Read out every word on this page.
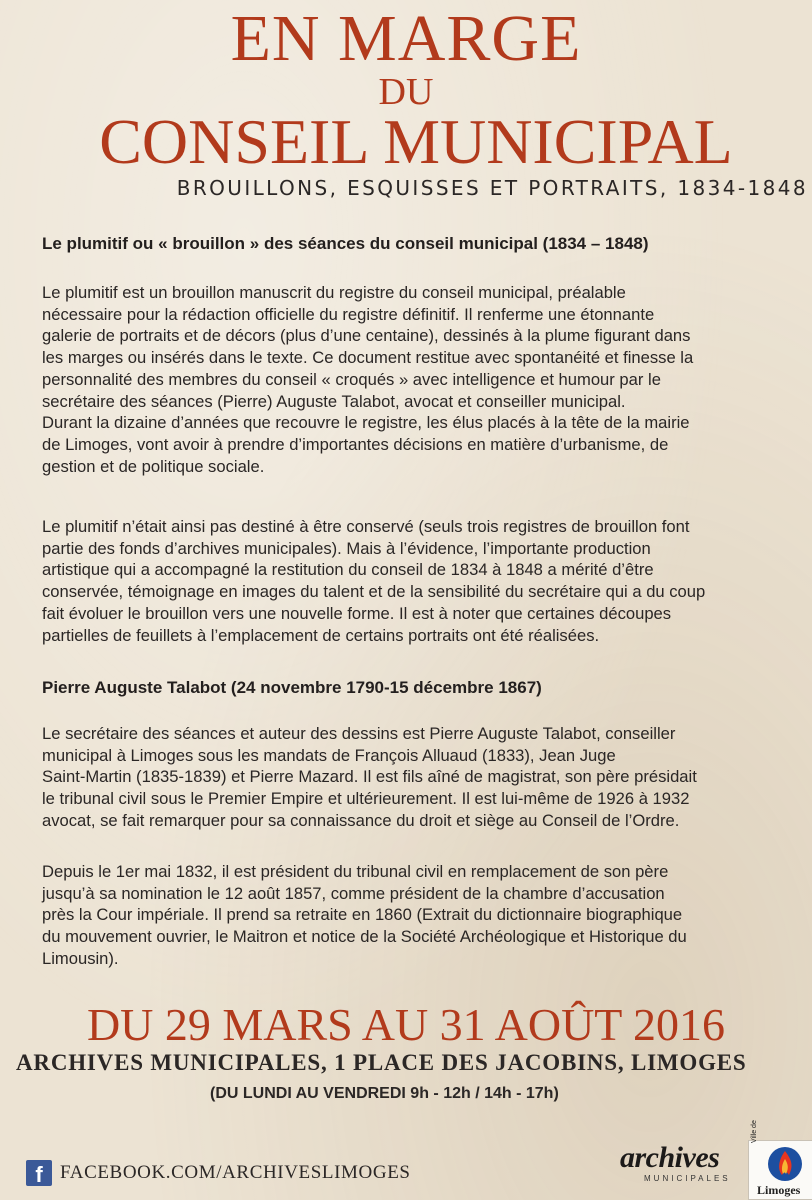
EN MARGE
DU
CONSEIL MUNICIPAL
BROUILLONS, ESQUISSES ET PORTRAITS, 1834-1848
Le plumitif ou « brouillon » des séances du conseil municipal (1834 – 1848)
Le plumitif est un brouillon manuscrit du registre du conseil municipal, préalable
nécessaire pour la rédaction officielle du registre définitif. Il renferme une étonnante
galerie de portraits et de décors (plus d’une centaine), dessinés à la plume figurant dans
les marges ou insérés dans le texte. Ce document restitue avec spontanéité et finesse la
personnalité des membres du conseil « croqués » avec intelligence et humour par le
secrétaire des séances (Pierre) Auguste Talabot, avocat et conseiller municipal.
Durant la dizaine d’années que recouvre le registre, les élus placés à la tête de la mairie
de Limoges, vont avoir à prendre d’importantes décisions en matière d’urbanisme, de
gestion et de politique sociale.
Le plumitif n’était ainsi pas destiné à être conservé (seuls trois registres de brouillon font
partie des fonds d’archives municipales). Mais à l’évidence, l’importante production
artistique qui a accompagné la restitution du conseil de 1834 à 1848 a mérité d’être
conservée, témoignage en images du talent et de la sensibilité du secrétaire qui a du coup
fait évoluer le brouillon vers une nouvelle forme. Il est à noter que certaines découpes
partielles de feuillets à l’emplacement de certains portraits ont été réalisées.
Pierre Auguste Talabot (24 novembre 1790-15 décembre 1867)
Le secrétaire des séances et auteur des dessins est Pierre Auguste Talabot, conseiller
municipal à Limoges sous les mandats de François Alluaud (1833), Jean Juge
Saint-Martin (1835-1839) et Pierre Mazard. Il est fils aîné de magistrat, son père présidait
le tribunal civil sous le Premier Empire et ultérieurement. Il est lui-même de 1926 à 1932
avocat, se fait remarquer pour sa connaissance du droit et siège au Conseil de l’Ordre.
Depuis le 1er mai 1832, il est président du tribunal civil en remplacement de son père
jusqu’à sa nomination le 12 août 1857, comme président de la chambre d’accusation
près la Cour impériale. Il prend sa retraite en 1860 (Extrait du dictionnaire biographique
du mouvement ouvrier, le Maitron et notice de la Société Archéologique et Historique du
Limousin).
DU 29 MARS AU 31 AOÛT 2016
ARCHIVES MUNICIPALES, 1 PLACE DES JACOBINS, LIMOGES
(DU LUNDI AU VENDREDI 9h - 12h / 14h - 17h)
f FACEBOOK.COM/ARCHIVESLIMOGES	archives
MUNICIPALES
Ville de
Limoges
